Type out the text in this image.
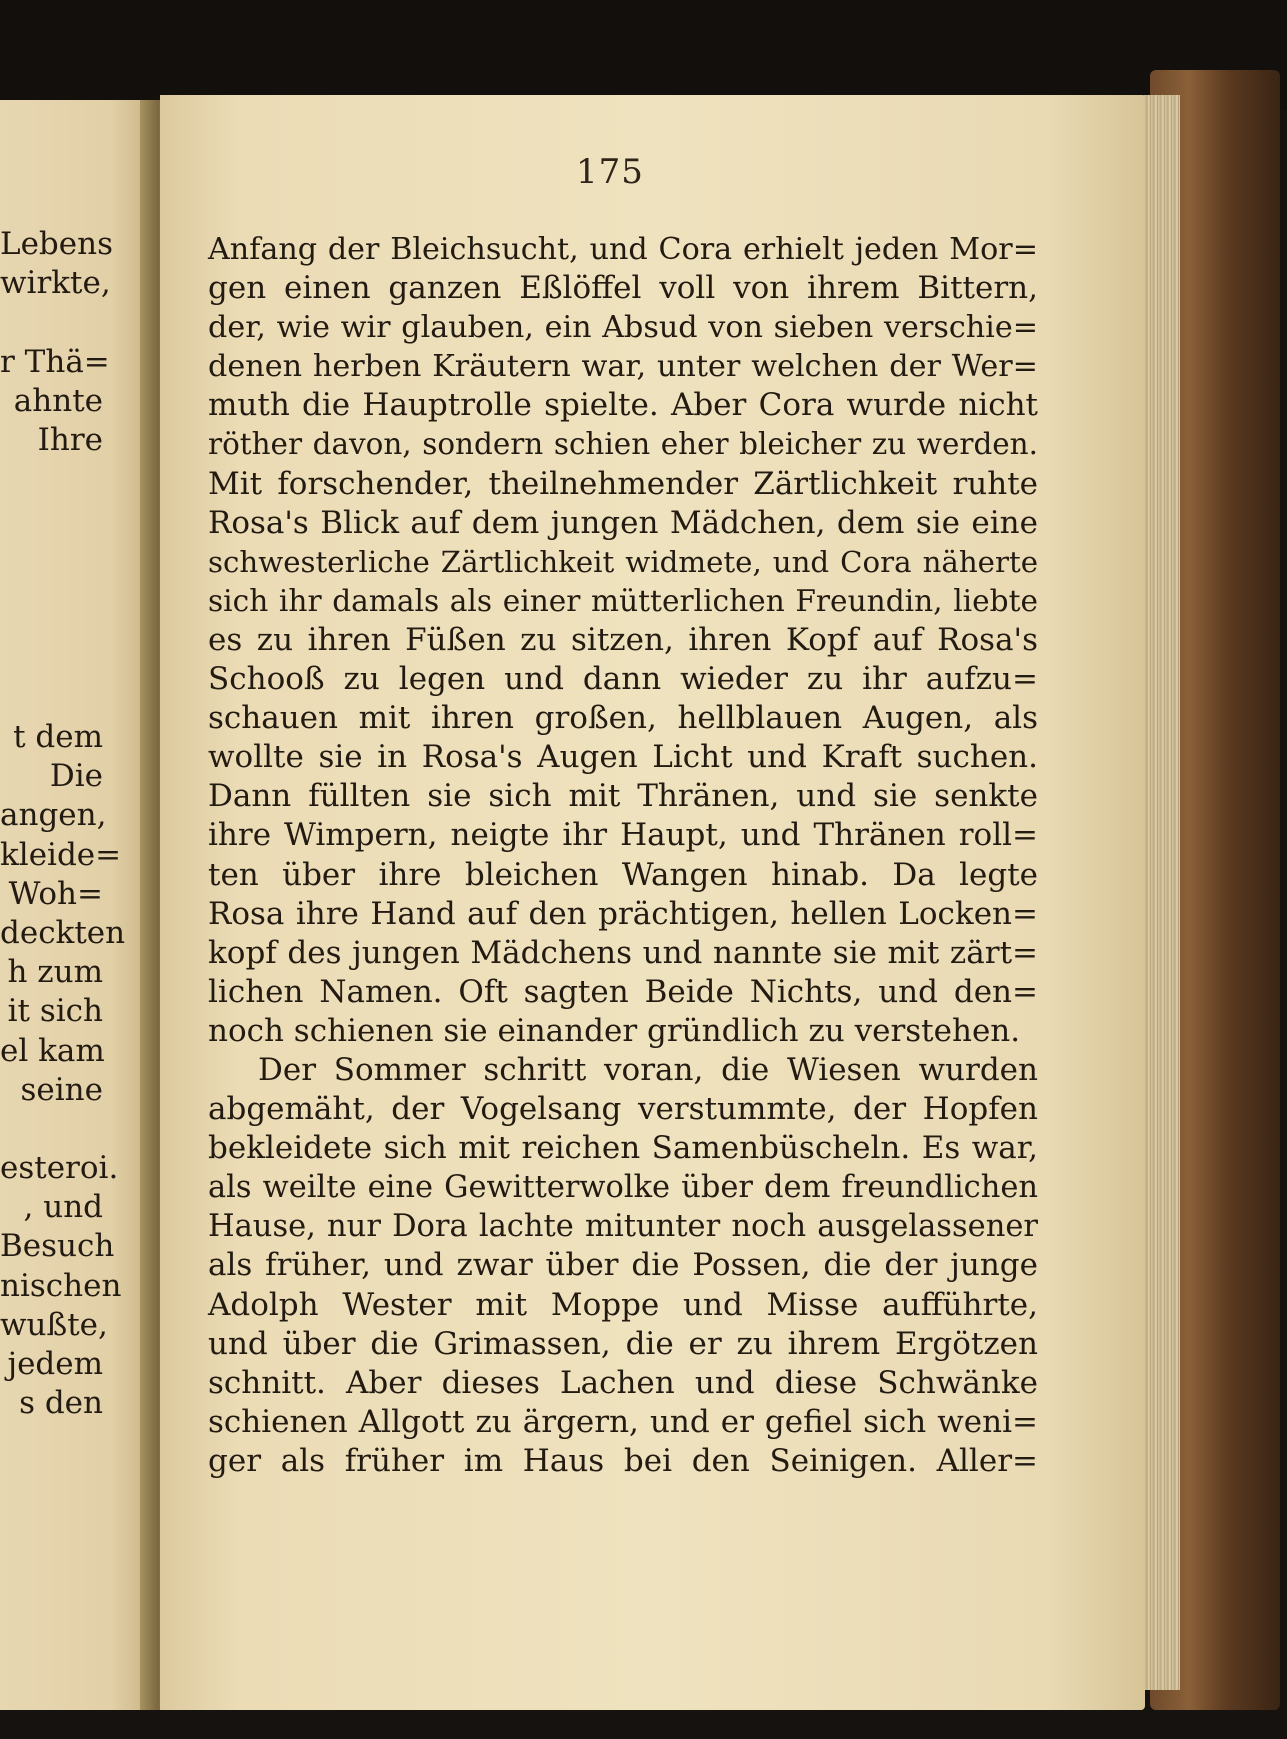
Lebens
wirkte,
r Thä=
ahnte
Ihre
t dem
Die
angen,
kleide=
Woh=
deckten
h zum
it sich
el kam
seine
esteroi.
, und
Besuch
nischen
wußte,
jedem
s den
175
Anfang der Bleichsucht, und Cora erhielt jeden Mor=
gen einen ganzen Eßlöffel voll von ihrem Bittern,
der, wie wir glauben, ein Absud von sieben verschie=
denen herben Kräutern war, unter welchen der Wer=
muth die Hauptrolle spielte. Aber Cora wurde nicht
röther davon, sondern schien eher bleicher zu werden.
Mit forschender, theilnehmender Zärtlichkeit ruhte
Rosa's Blick auf dem jungen Mädchen, dem sie eine
schwesterliche Zärtlichkeit widmete, und Cora näherte
sich ihr damals als einer mütterlichen Freundin, liebte
es zu ihren Füßen zu sitzen, ihren Kopf auf Rosa's
Schooß zu legen und dann wieder zu ihr aufzu=
schauen mit ihren großen, hellblauen Augen, als
wollte sie in Rosa's Augen Licht und Kraft suchen.
Dann füllten sie sich mit Thränen, und sie senkte
ihre Wimpern, neigte ihr Haupt, und Thränen roll=
ten über ihre bleichen Wangen hinab. Da legte
Rosa ihre Hand auf den prächtigen, hellen Locken=
kopf des jungen Mädchens und nannte sie mit zärt=
lichen Namen. Oft sagten Beide Nichts, und den=
noch schienen sie einander gründlich zu verstehen.
Der Sommer schritt voran, die Wiesen wurden
abgemäht, der Vogelsang verstummte, der Hopfen
bekleidete sich mit reichen Samenbüscheln. Es war,
als weilte eine Gewitterwolke über dem freundlichen
Hause, nur Dora lachte mitunter noch ausgelassener
als früher, und zwar über die Possen, die der junge
Adolph Wester mit Moppe und Misse aufführte,
und über die Grimassen, die er zu ihrem Ergötzen
schnitt. Aber dieses Lachen und diese Schwänke
schienen Allgott zu ärgern, und er gefiel sich weni=
ger als früher im Haus bei den Seinigen. Aller=
